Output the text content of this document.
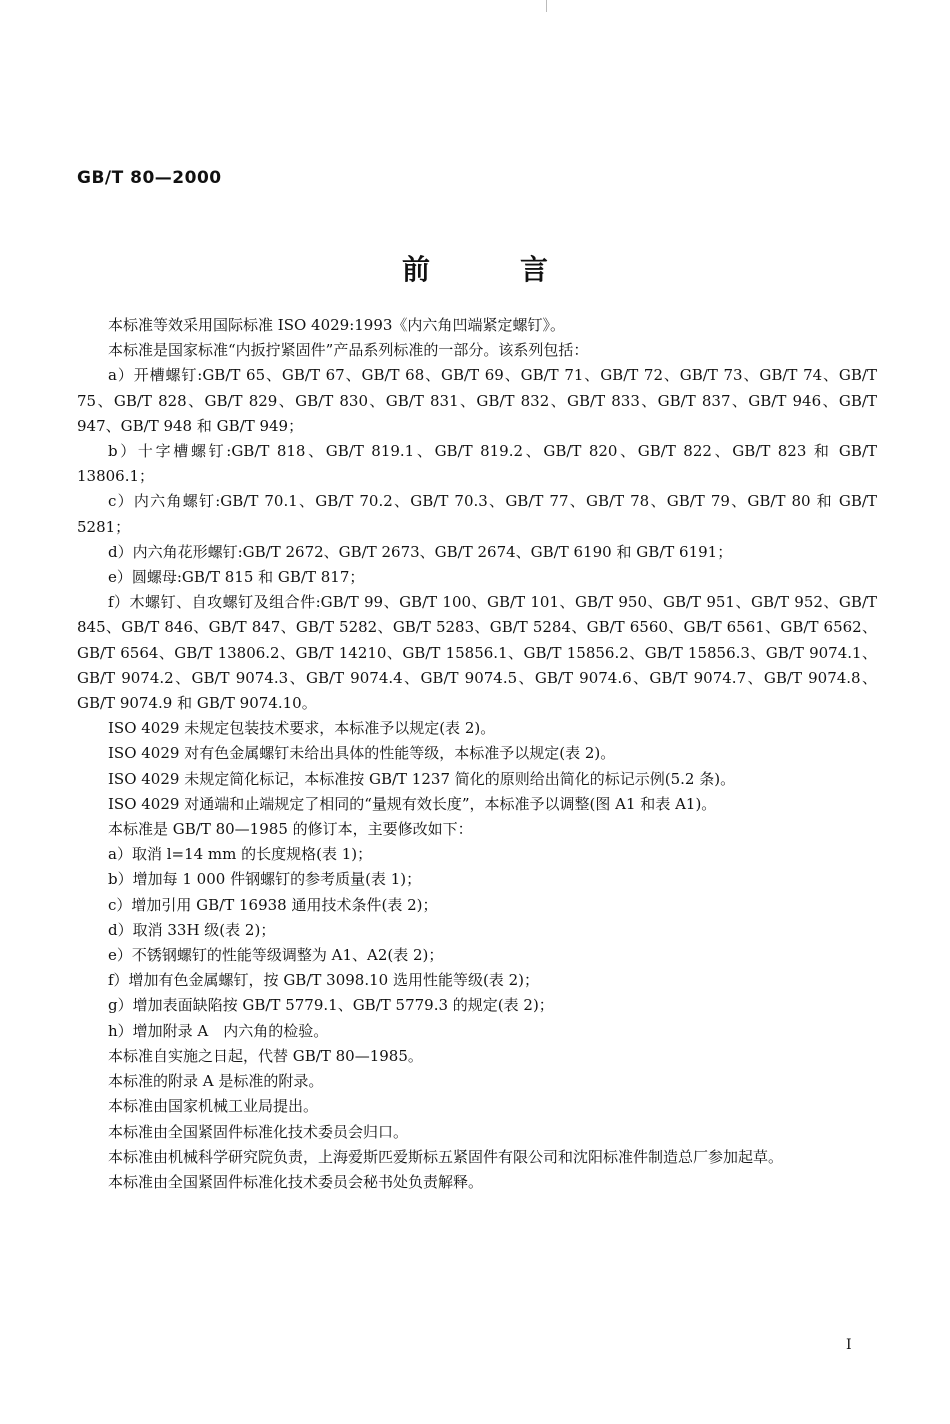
GB/T 80—2000
前	言

本标准等效采用国际标准 ISO 4029:1993《内六角凹端紧定螺钉》。

本标准是国家标准“内扳拧紧固件”产品系列标准的一部分。该系列包括：

a）开槽螺钉:GB/T 65、GB/T 67、GB/T 68、GB/T 69、GB/T 71、GB/T 72、GB/T 73、GB/T 74、GB/T 75、GB/T 828、GB/T 829、GB/T 830、GB/T 831、GB/T 832、GB/T 833、GB/T 837、GB/T 946、GB/T 947、GB/T 948 和 GB/T 949；

b）十字槽螺钉:GB/T 818、GB/T 819.1、GB/T 819.2、GB/T 820、GB/T 822、GB/T 823 和 GB/T 13806.1；

c）内六角螺钉:GB/T 70.1、GB/T 70.2、GB/T 70.3、GB/T 77、GB/T 78、GB/T 79、GB/T 80 和 GB/T 5281；

d）内六角花形螺钉:GB/T 2672、GB/T 2673、GB/T 2674、GB/T 6190 和 GB/T 6191；

e）圆螺母:GB/T 815 和 GB/T 817；

f）木螺钉、自攻螺钉及组合件:GB/T 99、GB/T 100、GB/T 101、GB/T 950、GB/T 951、GB/T 952、GB/T 845、GB/T 846、GB/T 847、GB/T 5282、GB/T 5283、GB/T 5284、GB/T 6560、GB/T 6561、GB/T 6562、GB/T 6564、GB/T 13806.2、GB/T 14210、GB/T 15856.1、GB/T 15856.2、GB/T 15856.3、GB/T 9074.1、GB/T 9074.2、GB/T 9074.3、GB/T 9074.4、GB/T 9074.5、GB/T 9074.6、GB/T 9074.7、GB/T 9074.8、GB/T 9074.9 和 GB/T 9074.10。

ISO 4029 未规定包装技术要求，本标准予以规定(表 2)。

ISO 4029 对有色金属螺钉未给出具体的性能等级，本标准予以规定(表 2)。

ISO 4029 未规定简化标记，本标准按 GB/T 1237 简化的原则给出简化的标记示例(5.2 条)。

ISO 4029 对通端和止端规定了相同的“量规有效长度”，本标准予以调整(图 A1 和表 A1)。

本标准是 GB/T 80—1985 的修订本，主要修改如下：

a）取消 l=14 mm 的长度规格(表 1)；

b）增加每 1 000 件钢螺钉的参考质量(表 1)；

c）增加引用 GB/T 16938 通用技术条件(表 2)；

d）取消 33H 级(表 2)；

e）不锈钢螺钉的性能等级调整为 A1、A2(表 2)；

f）增加有色金属螺钉，按 GB/T 3098.10 选用性能等级(表 2)；

g）增加表面缺陷按 GB/T 5779.1、GB/T 5779.3 的规定(表 2)；

h）增加附录 A　内六角的检验。

本标准自实施之日起，代替 GB/T 80—1985。

本标准的附录 A 是标准的附录。

本标准由国家机械工业局提出。

本标准由全国紧固件标准化技术委员会归口。

本标准由机械科学研究院负责，上海爱斯匹爱斯标五紧固件有限公司和沈阳标准件制造总厂参加起草。

本标准由全国紧固件标准化技术委员会秘书处负责解释。

I
